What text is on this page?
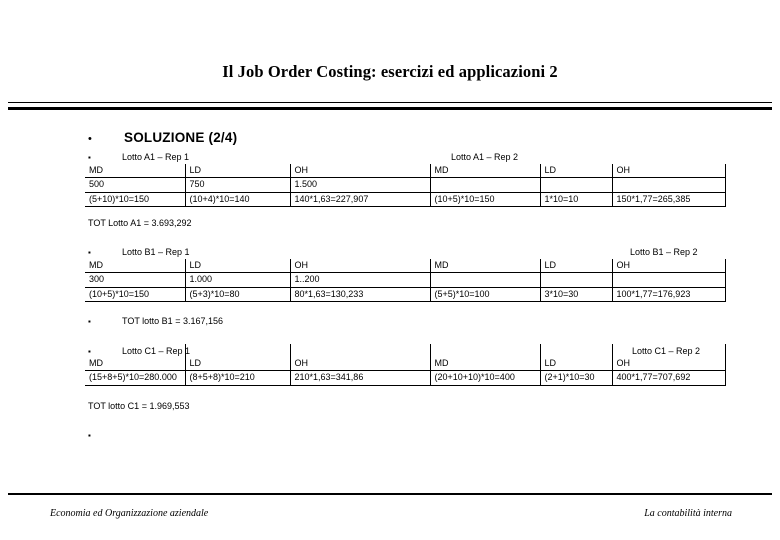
Il Job Order Costing: esercizi ed applicazioni 2
•	SOLUZIONE (2/4)
▪	Lotto A1 – Rep 1	Lotto A1 – Rep 2
MD	LD	OH	MD	LD	OH
500	750	1.500			
(5+10)*10=150	(10+4)*10=140	140*1,63=227,907	(10+5)*10=150	1*10=10	150*1,77=265,385
TOT Lotto A1 = 3.693,292
▪	Lotto B1 – Rep 1	Lotto B1 – Rep 2
MD	LD	OH	MD	LD	OH
300	1.000	1..200			
(10+5)*10=150	(5+3)*10=80	80*1,63=130,233	(5+5)*10=100	3*10=30	100*1,77=176,923
▪	TOT lotto B1 = 3.167,156
▪	Lotto C1 – Rep 1	Lotto C1 – Rep 2

MD	LD	OH	MD	LD	OH
(15+8+5)*10=280.000	(8+5+8)*10=210	210*1,63=341,86	(20+10+10)*10=400	(2+1)*10=30	400*1,77=707,692
TOT lotto C1 = 1.969,553
▪
Economia ed Organizzazione aziendale	La contabilità interna
